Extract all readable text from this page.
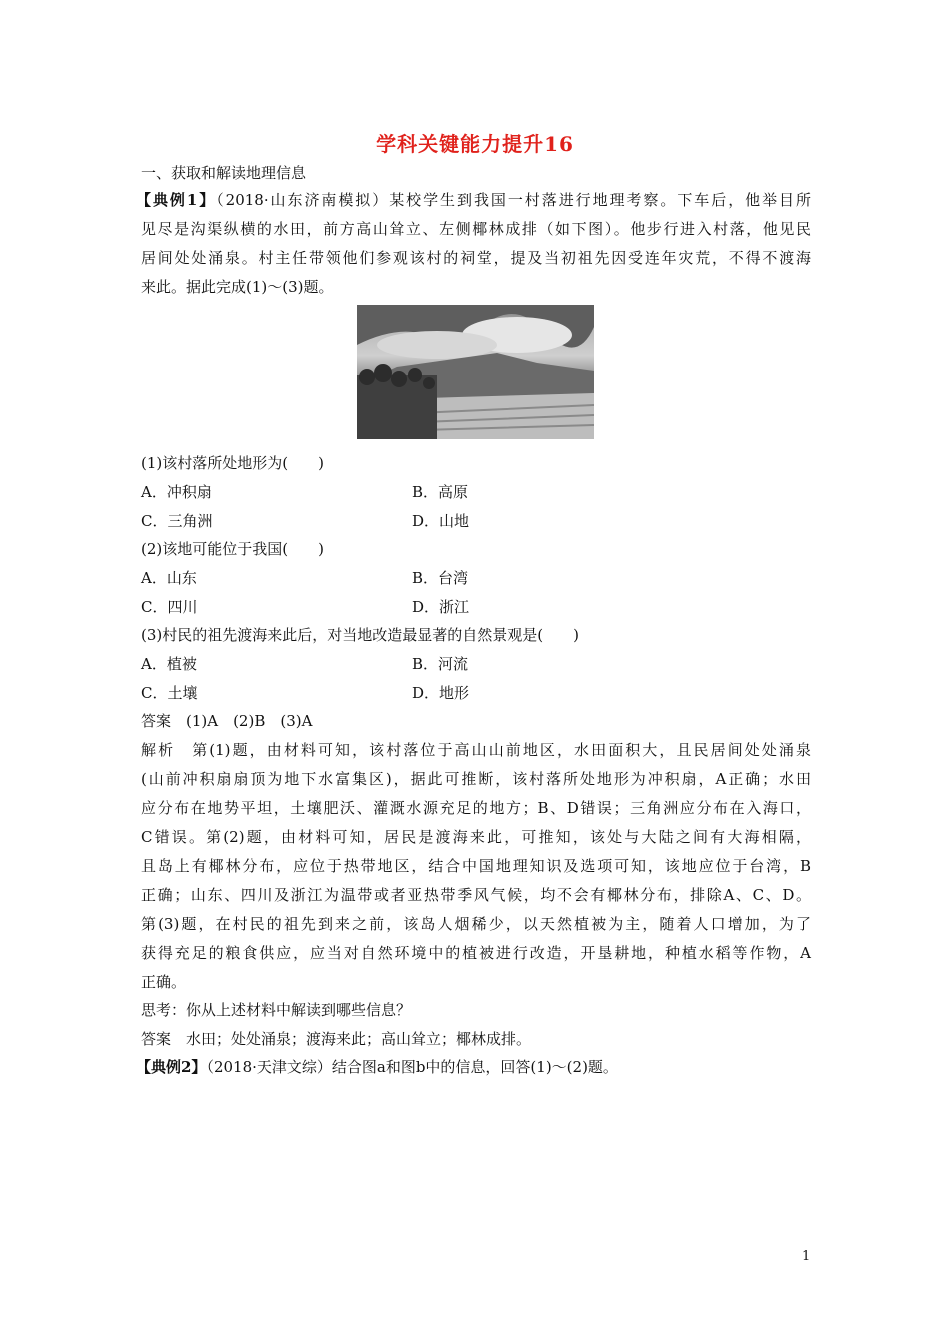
学科关键能力提升16
一、获取和解读地理信息
【典例1】（2018·山东济南模拟）某校学生到我国一村落进行地理考察。下车后，他举目所
见尽是沟渠纵横的水田，前方高山耸立、左侧椰林成排（如下图）。他步行进入村落，他见民
居间处处涌泉。村主任带领他们参观该村的祠堂，提及当初祖先因受连年灾荒，不得不渡海
来此。据此完成(1)～(3)题。
(1)该村落所处地形为(　　)
A．冲积扇	B．高原
C．三角洲	D．山地
(2)该地可能位于我国(　　)
A．山东	B．台湾
C．四川	D．浙江
(3)村民的祖先渡海来此后，对当地改造最显著的自然景观是(　　)
A．植被	B．河流
C．土壤	D．地形
答案　(1)A　(2)B　(3)A
解析　第(1)题，由材料可知，该村落位于高山山前地区，水田面积大，且民居间处处涌泉
(山前冲积扇扇顶为地下水富集区)，据此可推断，该村落所处地形为冲积扇，A正确；水田
应分布在地势平坦，土壤肥沃、灌溉水源充足的地方；B、D错误；三角洲应分布在入海口，
C错误。第(2)题，由材料可知，居民是渡海来此，可推知，该处与大陆之间有大海相隔，
且岛上有椰林分布，应位于热带地区，结合中国地理知识及选项可知，该地应位于台湾，B
正确；山东、四川及浙江为温带或者亚热带季风气候，均不会有椰林分布，排除A、C、D。
第(3)题，在村民的祖先到来之前，该岛人烟稀少，以天然植被为主，随着人口增加，为了
获得充足的粮食供应，应当对自然环境中的植被进行改造，开垦耕地，种植水稻等作物，A
正确。
思考：你从上述材料中解读到哪些信息？
答案　水田；处处涌泉；渡海来此；高山耸立；椰林成排。
【典例2】（2018·天津文综）结合图a和图b中的信息，回答(1)～(2)题。
1
